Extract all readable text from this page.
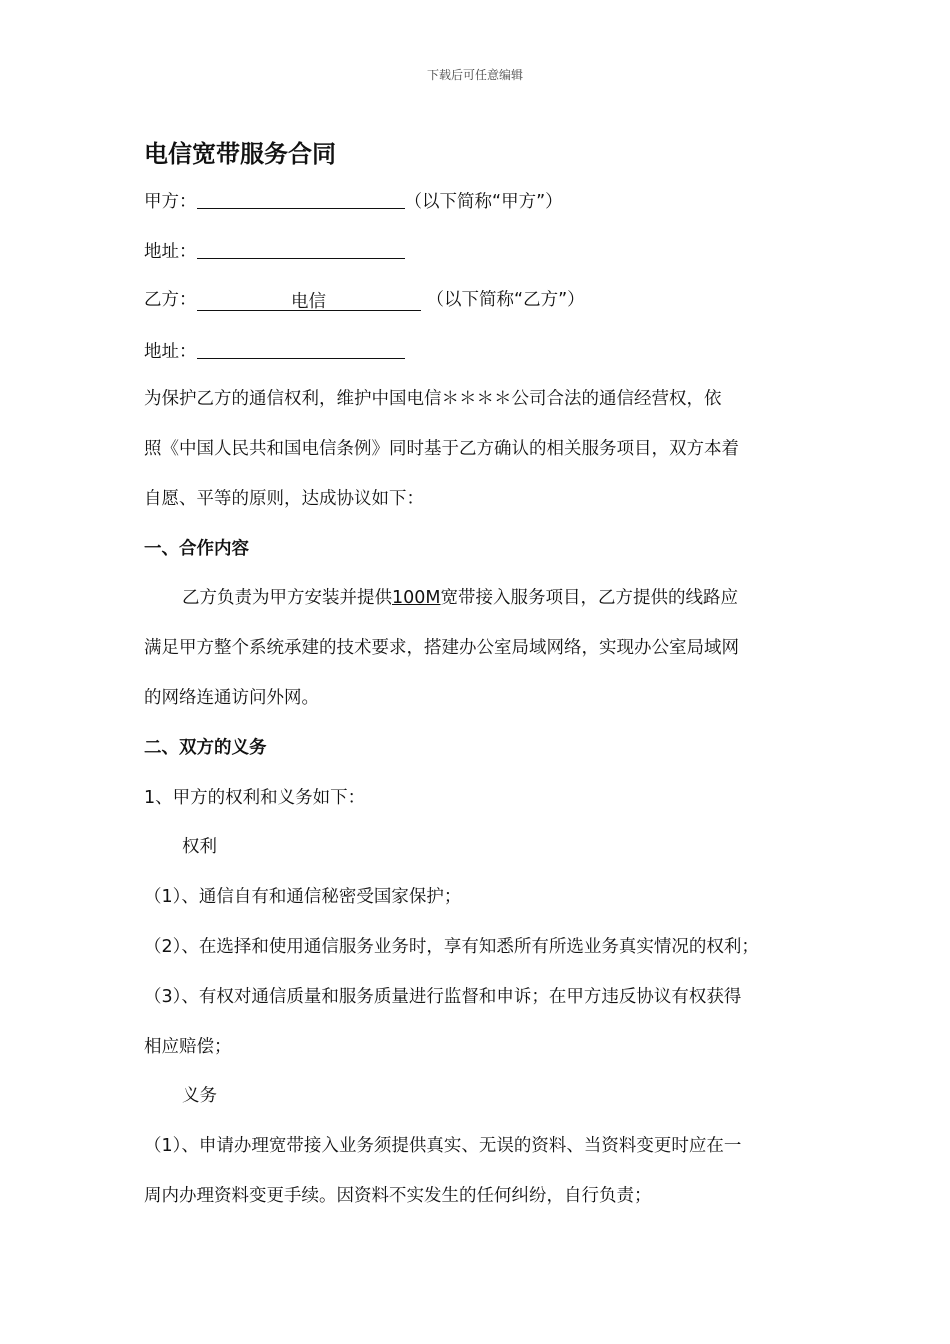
下载后可任意编辑
电信宽带服务合同
甲方：	（以下简称“甲方”）
地址：
乙方：	电信	（以下简称“乙方”）
地址：
为保护乙方的通信权利，维护中国电信＊＊＊＊公司合法的通信经营权，依
照《中国人民共和国电信条例》同时基于乙方确认的相关服务项目，双方本着
自愿、平等的原则，达成协议如下：
一、合作内容
乙方负责为甲方安装并提供100M宽带接入服务项目，乙方提供的线路应
满足甲方整个系统承建的技术要求，搭建办公室局域网络，实现办公室局域网
的网络连通访问外网。
二、双方的义务
1、甲方的权利和义务如下：
权利
（1）、通信自有和通信秘密受国家保护；
（2）、在选择和使用通信服务业务时，享有知悉所有所选业务真实情况的权利；
（3）、有权对通信质量和服务质量进行监督和申诉；在甲方违反协议有权获得
相应赔偿；
义务
（1）、申请办理宽带接入业务须提供真实、无误的资料、当资料变更时应在一
周内办理资料变更手续。因资料不实发生的任何纠纷，自行负责；
